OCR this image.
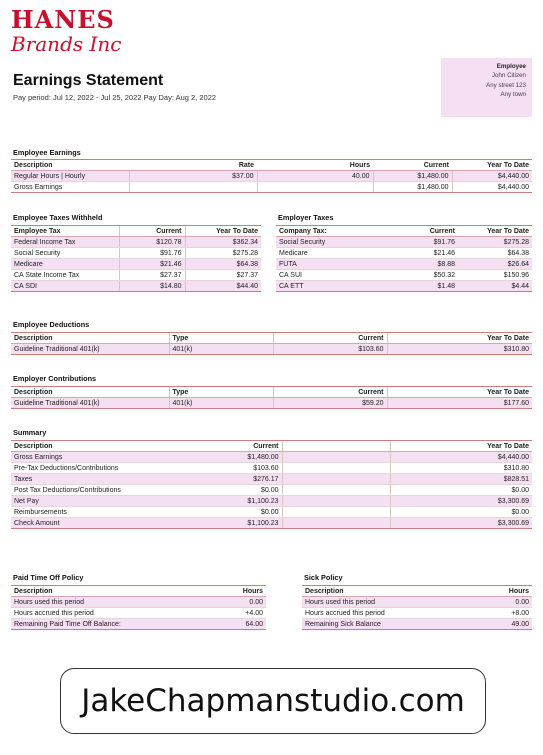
HANES
Brands Inc
Earnings Statement
Pay period: Jul 12, 2022 - Jul 25, 2022 Pay Day: Aug 2, 2022
Employee
John Citizen
Any street 123
Any town
Employee Earnings
Description	Rate	Hours	Current	Year To Date
Regular Hours | Hourly	$37.00	40.00	$1,480.00	$4,440.00
Gross Earnings			$1,480.00	$4,440.00
Employee Taxes Withheld
Employee Tax	Current	Year To Date
Federal Income Tax	$120.78	$362.34
Social Security	$91.76	$275.28
Medicare	$21.46	$64.38
CA State Income Tax	$27.37	$27.37
CA SDI	$14.80	$44.40
Employer Taxes
Company Tax:	Current	Year To Date
Social Security	$91.76	$275.28
Medicare	$21.46	$64.38
FUTA	$8.88	$26.64
CA SUI	$50.32	$150.96
CA ETT	$1.48	$4.44
Employee Deductions
Description	Type	Current	Year To Date
Guideline Traditional 401(k)	401(k)	$103.60	$310.80
Employer Contributions
Description	Type	Current	Year To Date
Guideline Traditional 401(k)	401(k)	$59.20	$177.60
Summary
Description	Current		Year To Date
Gross Earnings	$1,480.00		$4,440.00
Pre-Tax Deductions/Contributions	$103.60		$310.80
Taxes	$276.17		$828.51
Post Tax Deductions/Contributions	$0.00		$0.00
Net Pay	$1,100.23		$3,300.69
Reimbursements	$0.00		$0.00
Check Amount	$1,100.23		$3,300.69
Paid Time Off Policy
Description	Hours
Hours used this period	0.00
Hours accrued this period	+4.00
Remaining Paid Time Off Balance:	64.00
Sick Policy
Description	Hours
Hours used this period	0.00
Hours accrued this period	+8.00
Remaining Sick Balance	49.00
JakeChapmanstudio.com
